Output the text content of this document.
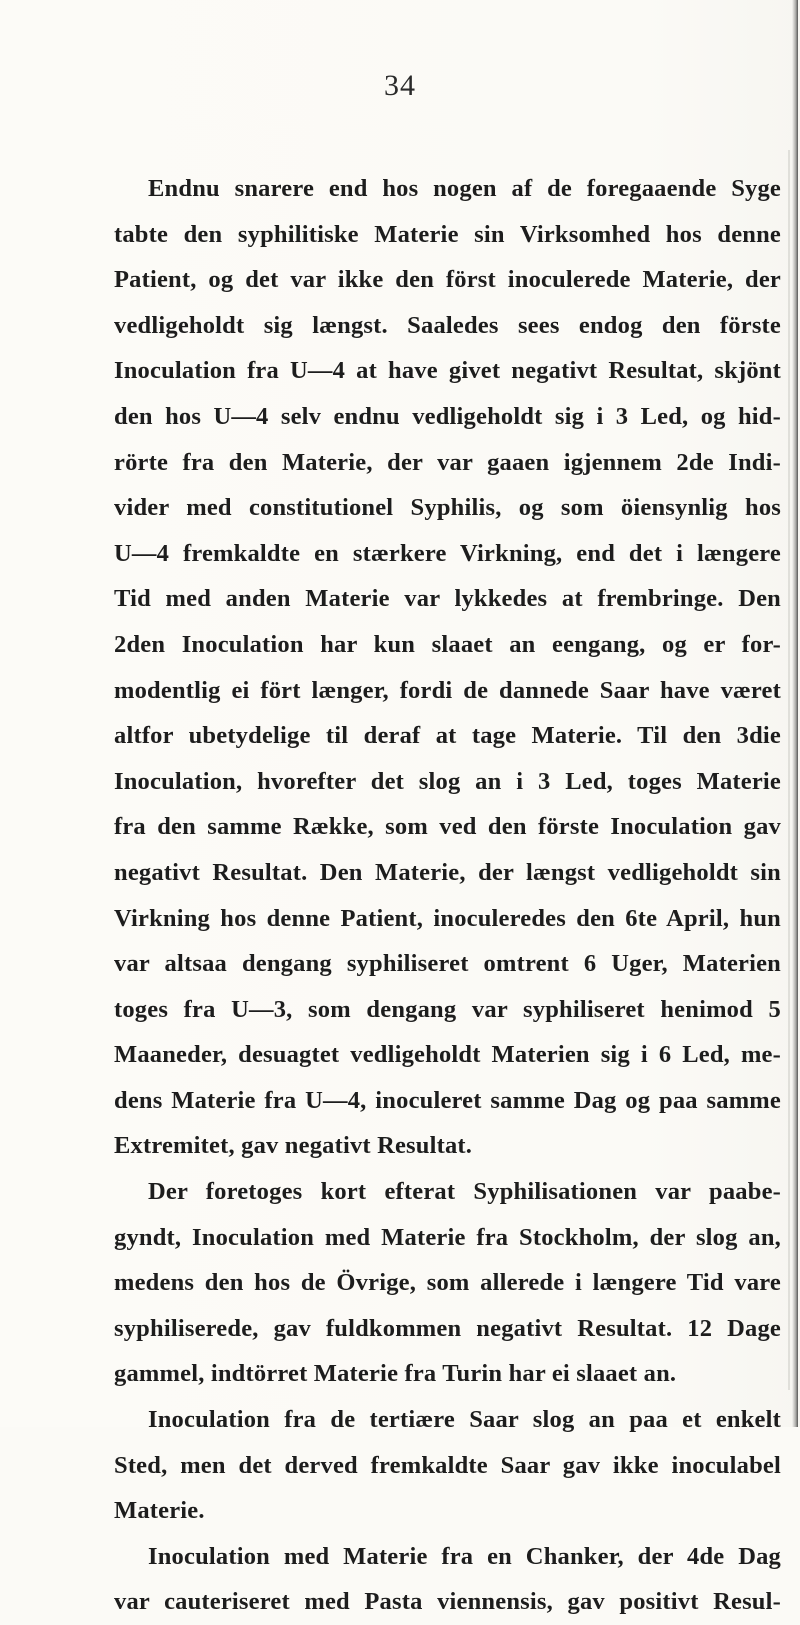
34
Endnu snarere end hos nogen af de foregaaende Syge
tabte den syphilitiske Materie sin Virksomhed hos denne
Patient, og det var ikke den först inoculerede Materie, der
vedligeholdt sig længst. Saaledes sees endog den förste
Inoculation fra U—4 at have givet negativt Resultat, skjönt
den hos U—4 selv endnu vedligeholdt sig i 3 Led, og hid-
rörte fra den Materie, der var gaaen igjennem 2de Indi-
vider med constitutionel Syphilis, og som öiensynlig hos
U—4 fremkaldte en stærkere Virkning, end det i længere
Tid med anden Materie var lykkedes at frembringe. Den
2den Inoculation har kun slaaet an eengang, og er for-
modentlig ei fört længer, fordi de dannede Saar have været
altfor ubetydelige til deraf at tage Materie. Til den 3die
Inoculation, hvorefter det slog an i 3 Led, toges Materie
fra den samme Række, som ved den förste Inoculation gav
negativt Resultat. Den Materie, der længst vedligeholdt sin
Virkning hos denne Patient, inoculeredes den 6te April, hun
var altsaa dengang syphiliseret omtrent 6 Uger, Materien
toges fra U—3, som dengang var syphiliseret henimod 5
Maaneder, desuagtet vedligeholdt Materien sig i 6 Led, me-
dens Materie fra U—4, inoculeret samme Dag og paa samme
Extremitet, gav negativt Resultat.
Der foretoges kort efterat Syphilisationen var paabe-
gyndt, Inoculation med Materie fra Stockholm, der slog an,
medens den hos de Övrige, som allerede i længere Tid vare
syphiliserede, gav fuldkommen negativt Resultat. 12 Dage
gammel, indtörret Materie fra Turin har ei slaaet an.
Inoculation fra de tertiære Saar slog an paa et enkelt
Sted, men det derved fremkaldte Saar gav ikke inoculabel
Materie.
Inoculation med Materie fra en Chanker, der 4de Dag
var cauteriseret med Pasta viennensis, gav positivt Resul-
